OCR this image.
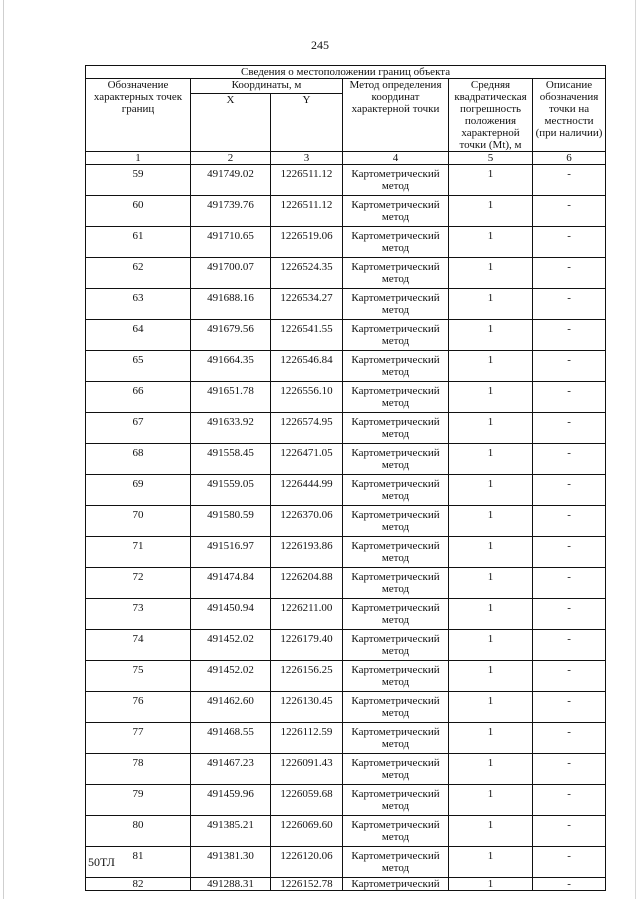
245
Сведения о местоположении границ объекта					
Обозначение характерных точек границ	Координаты, м		Метод определения координат характерной точки	Средняя квадратическая погрешность положения характерной точки (Mt), м	Описание обозначения точки на местности (при наличии)
	X	Y			
1	2	3	4	5	6
59	491749.02	1226511.12	Картометрический метод	1	-
60	491739.76	1226511.12	Картометрический метод	1	-
61	491710.65	1226519.06	Картометрический метод	1	-
62	491700.07	1226524.35	Картометрический метод	1	-
63	491688.16	1226534.27	Картометрический метод	1	-
64	491679.56	1226541.55	Картометрический метод	1	-
65	491664.35	1226546.84	Картометрический метод	1	-
66	491651.78	1226556.10	Картометрический метод	1	-
67	491633.92	1226574.95	Картометрический метод	1	-
68	491558.45	1226471.05	Картометрический метод	1	-
69	491559.05	1226444.99	Картометрический метод	1	-
70	491580.59	1226370.06	Картометрический метод	1	-
71	491516.97	1226193.86	Картометрический метод	1	-
72	491474.84	1226204.88	Картометрический метод	1	-
73	491450.94	1226211.00	Картометрический метод	1	-
74	491452.02	1226179.40	Картометрический метод	1	-
75	491452.02	1226156.25	Картометрический метод	1	-
76	491462.60	1226130.45	Картометрический метод	1	-
77	491468.55	1226112.59	Картометрический метод	1	-
78	491467.23	1226091.43	Картометрический метод	1	-
79	491459.96	1226059.68	Картометрический метод	1	-
80	491385.21	1226069.60	Картометрический метод	1	-
81	491381.30	1226120.06	Картометрический метод	1	-
82	491288.31	1226152.78	Картометрический	1	-
50ТЛ
